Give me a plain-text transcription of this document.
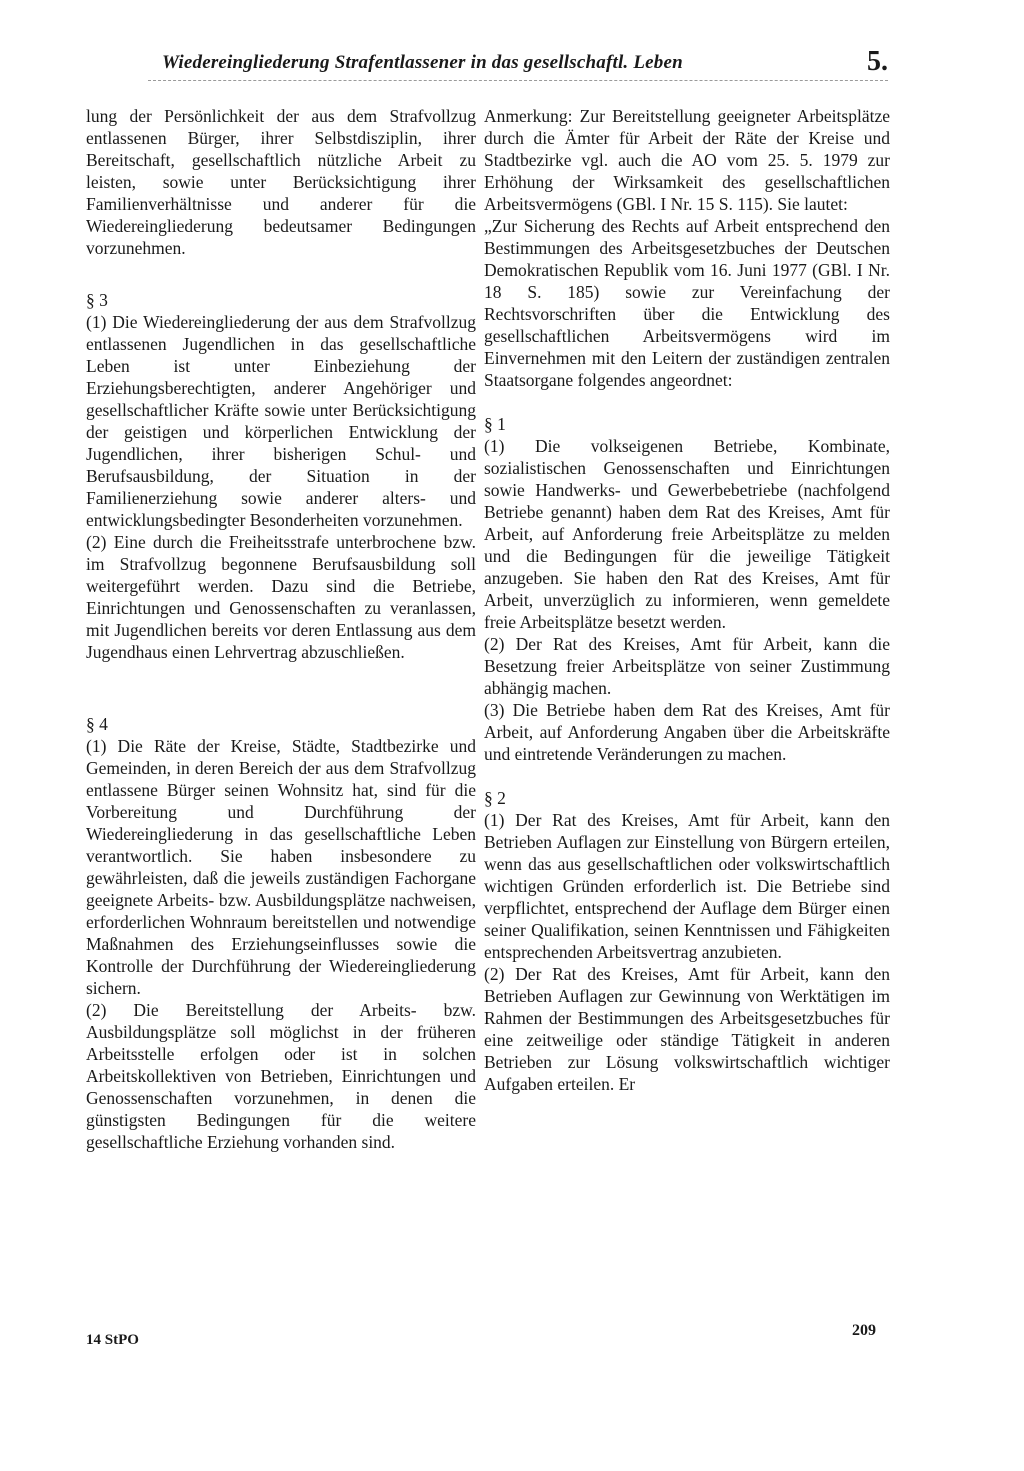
Wiedereingliederung Strafentlassener in das gesellschaftl. Leben	5.

lung der Persönlichkeit der aus dem Strafvollzug entlassenen Bürger, ihrer Selbstdisziplin, ihrer Bereitschaft, gesellschaftlich nützliche Arbeit zu leisten, sowie unter Berücksichtigung ihrer Familienverhältnisse und anderer für die Wiedereingliederung bedeutsamer Bedingungen vorzunehmen.

§ 3

(1) Die Wiedereingliederung der aus dem Strafvollzug entlassenen Jugendlichen in das gesellschaftliche Leben ist unter Einbeziehung der Erziehungsberechtigten, anderer Angehöriger und gesellschaftlicher Kräfte sowie unter Berücksichtigung der geistigen und körperlichen Entwicklung der Jugendlichen, ihrer bisherigen Schul- und Berufsausbildung, der Situation in der Familienerziehung sowie anderer alters- und entwicklungsbedingter Besonderheiten vorzunehmen.

(2) Eine durch die Freiheitsstrafe unterbrochene bzw. im Strafvollzug begonnene Berufsausbildung soll weitergeführt werden. Dazu sind die Betriebe, Einrichtungen und Genossenschaften zu veranlassen, mit Jugendlichen bereits vor deren Entlassung aus dem Jugendhaus einen Lehrvertrag abzuschließen.

§ 4

(1) Die Räte der Kreise, Städte, Stadtbezirke und Gemeinden, in deren Bereich der aus dem Strafvollzug entlassene Bürger seinen Wohnsitz hat, sind für die Vorbereitung und Durchführung der Wiedereingliederung in das gesellschaftliche Leben verantwortlich. Sie haben insbesondere zu gewährleisten, daß die jeweils zuständigen Fachorgane geeignete Arbeits- bzw. Ausbildungsplätze nachweisen, erforderlichen Wohnraum bereitstellen und notwendige Maßnahmen des Erziehungseinflusses sowie die Kontrolle der Durchführung der Wiedereingliederung sichern.

(2) Die Bereitstellung der Arbeits- bzw. Ausbildungsplätze soll möglichst in der früheren Arbeitsstelle erfolgen oder ist in solchen Arbeitskollektiven von Betrieben, Einrichtungen und Genossenschaften vorzunehmen, in denen die günstigsten Bedingungen für die weitere gesellschaftliche Erziehung vorhanden sind.

Anmerkung: Zur Bereitstellung geeigneter Arbeitsplätze durch die Ämter für Arbeit der Räte der Kreise und Stadtbezirke vgl. auch die AO vom 25. 5. 1979 zur Erhöhung der Wirksamkeit des gesellschaftlichen Arbeitsvermögens (GBl. I Nr. 15 S. 115). Sie lautet:

„Zur Sicherung des Rechts auf Arbeit entsprechend den Bestimmungen des Arbeitsgesetzbuches der Deutschen Demokratischen Republik vom 16. Juni 1977 (GBl. I Nr. 18 S. 185) sowie zur Vereinfachung der Rechtsvorschriften über die Entwicklung des gesellschaftlichen Arbeitsvermögens wird im Einvernehmen mit den Leitern der zuständigen zentralen Staatsorgane folgendes angeordnet:

§ 1

(1) Die volkseigenen Betriebe, Kombinate, sozialistischen Genossenschaften und Einrichtungen sowie Handwerks- und Gewerbebetriebe (nachfolgend Betriebe genannt) haben dem Rat des Kreises, Amt für Arbeit, auf Anforderung freie Arbeitsplätze zu melden und die Bedingungen für die jeweilige Tätigkeit anzugeben. Sie haben den Rat des Kreises, Amt für Arbeit, unverzüglich zu informieren, wenn gemeldete freie Arbeitsplätze besetzt werden.

(2) Der Rat des Kreises, Amt für Arbeit, kann die Besetzung freier Arbeitsplätze von seiner Zustimmung abhängig machen.

(3) Die Betriebe haben dem Rat des Kreises, Amt für Arbeit, auf Anforderung Angaben über die Arbeitskräfte und eintretende Veränderungen zu machen.

§ 2

(1) Der Rat des Kreises, Amt für Arbeit, kann den Betrieben Auflagen zur Einstellung von Bürgern erteilen, wenn das aus gesellschaftlichen oder volkswirtschaftlich wichtigen Gründen erforderlich ist. Die Betriebe sind verpflichtet, entsprechend der Auflage dem Bürger einen seiner Qualifikation, seinen Kenntnissen und Fähigkeiten entsprechenden Arbeitsvertrag anzubieten.

(2) Der Rat des Kreises, Amt für Arbeit, kann den Betrieben Auflagen zur Gewinnung von Werktätigen im Rahmen der Bestimmungen des Arbeitsgesetzbuches für eine zeitweilige oder ständige Tätigkeit in anderen Betrieben zur Lösung volkswirtschaftlich wichtiger Aufgaben erteilen. Er

14 StPO
209
